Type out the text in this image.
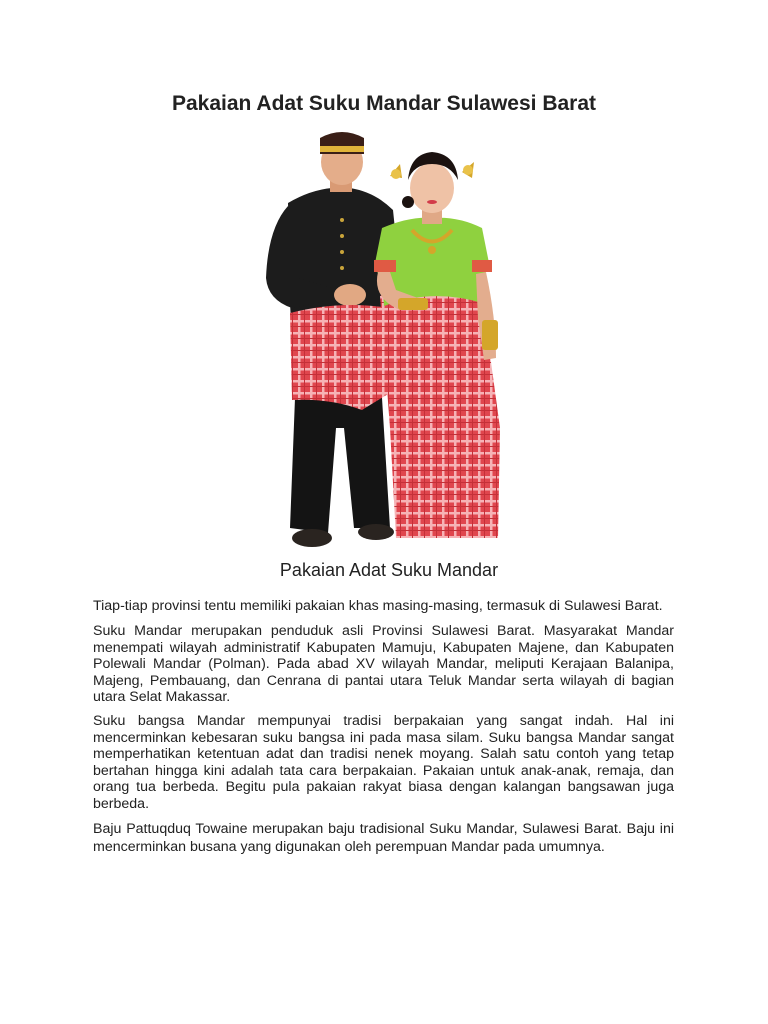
Pakaian Adat Suku Mandar Sulawesi Barat
Pakaian Adat Suku Mandar

Tiap-tiap provinsi tentu memiliki pakaian khas masing-masing, termasuk di Sulawesi Barat.

Suku Mandar merupakan penduduk asli Provinsi Sulawesi Barat. Masyarakat Mandar menempati wilayah administratif Kabupaten Mamuju, Kabupaten Majene, dan Kabupaten Polewali Mandar (Polman). Pada abad XV wilayah Mandar, meliputi Kerajaan Balanipa, Majeng, Pembauang, dan Cenrana di pantai utara Teluk Mandar serta wilayah di bagian utara Selat Makassar.

Suku bangsa Mandar mempunyai tradisi berpakaian yang sangat indah. Hal ini mencerminkan kebesaran suku bangsa ini pada masa silam. Suku bangsa Mandar sangat memperhatikan ketentuan adat dan tradisi nenek moyang. Salah satu contoh yang tetap bertahan hingga kini adalah tata cara berpakaian. Pakaian untuk anak-anak, remaja, dan orang tua berbeda. Begitu pula pakaian rakyat biasa dengan kalangan bangsawan juga berbeda.

Baju Pattuqduq Towaine merupakan baju tradisional Suku Mandar, Sulawesi Barat. Baju ini mencerminkan busana yang digunakan oleh perempuan Mandar pada umumnya.
